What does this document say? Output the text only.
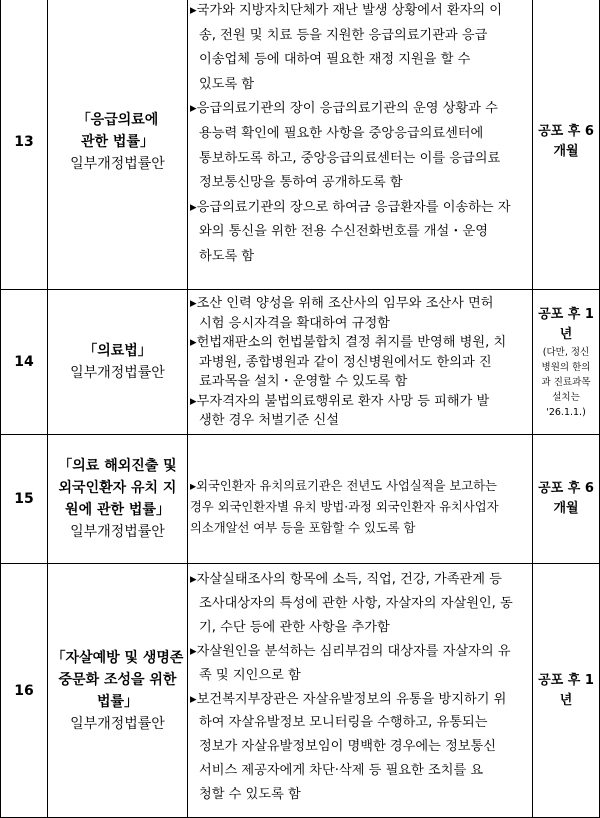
13
「응급의료에
관한 법률」
일부개정법률안
▸국가와 지방자치단체가 재난 발생 상황에서 환자의 이
송, 전원 및 치료 등을 지원한 응급의료기관과 응급
이송업체 등에 대하여 필요한 재정 지원을 할 수
있도록 함
▸응급의료기관의 장이 응급의료기관의 운영 상황과 수
용능력 확인에 필요한 사항을 중앙응급의료센터에
통보하도록 하고, 중앙응급의료센터는 이를 응급의료
정보통신망을 통하여 공개하도록 함
▸응급의료기관의 장으로 하여금 응급환자를 이송하는 자
와의 통신을 위한 전용 수신전화번호를 개설・운영
하도록 함
공포 후 6
개월
14
「의료법」
일부개정법률안
▸조산 인력 양성을 위해 조산사의 임무와 조산사 면허
시험 응시자격을 확대하여 규정함
▸헌법재판소의 헌법불합치 결정 취지를 반영해 병원, 치
과병원, 종합병원과 같이 정신병원에서도 한의과 진
료과목을 설치・운영할 수 있도록 함
▸무자격자의 불법의료행위로 환자 사망 등 피해가 발
생한 경우 처벌기준 신설
공포 후 1
년
(다만, 정신
병원의 한의
과 진료과목
설치는
'26.1.1.)
15
「의료 해외진출 및
외국인환자 유치 지
원에 관한 법률」
일부개정법률안
▸외국인환자 유치의료기관은 전년도 사업실적을 보고하는
경우 외국인환자별 유치 방법·과정 외국인환자 유치사업자
의소개알선 여부 등을 포함할 수 있도록 함
공포 후 6
개월
16
「자살예방 및 생명존
중문화 조성을 위한
법률」
일부개정법률안
▸자살실태조사의 항목에 소득, 직업, 건강, 가족관계 등
조사대상자의 특성에 관한 사항, 자살자의 자살원인, 동
기, 수단 등에 관한 사항을 추가함
▸자살원인을 분석하는 심리부검의 대상자를 자살자의 유
족 및 지인으로 함
▸보건복지부장관은 자살유발정보의 유통을 방지하기 위
하여 자살유발정보 모니터링을 수행하고, 유통되는
정보가 자살유발정보임이 명백한 경우에는 정보통신
서비스 제공자에게 차단·삭제 등 필요한 조치를 요
청할 수 있도록 함
공포 후 1
년
